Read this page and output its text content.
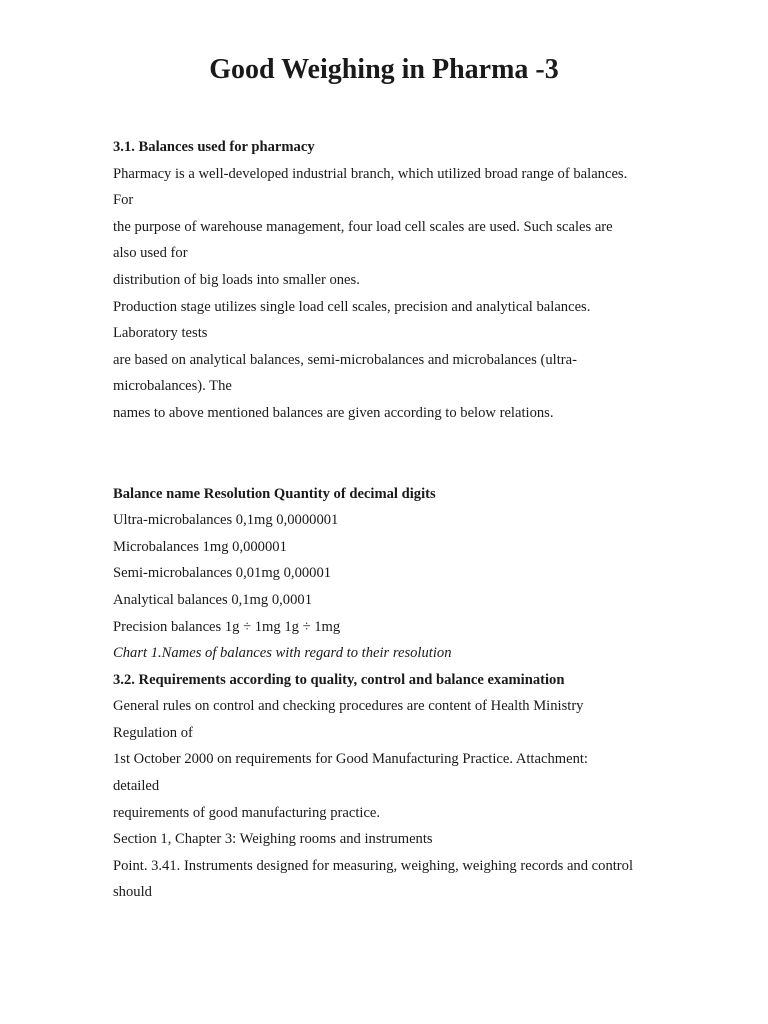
Good Weighing in Pharma -3

3.1. Balances used for pharmacy

Pharmacy is a well-developed industrial branch, which utilized broad range of balances.

For

the purpose of warehouse management, four load cell scales are used. Such scales are

also used for

distribution of big loads into smaller ones.

Production stage utilizes single load cell scales, precision and analytical balances.

Laboratory tests

are based on analytical balances, semi-microbalances and microbalances (ultra-

microbalances). The

names to above mentioned balances are given according to below relations.

Balance name Resolution Quantity of decimal digits

Ultra-microbalances 0,1mg 0,0000001

Microbalances 1mg 0,000001

Semi-microbalances 0,01mg 0,00001

Analytical balances 0,1mg 0,0001

Precision balances 1g ÷ 1mg 1g ÷ 1mg

Chart 1.Names of balances with regard to their resolution

3.2. Requirements according to quality, control and balance examination

General rules on control and checking procedures are content of Health Ministry

Regulation of

1st October 2000 on requirements for Good Manufacturing Practice. Attachment:

detailed

requirements of good manufacturing practice.

Section 1, Chapter 3: Weighing rooms and instruments

Point. 3.41. Instruments designed for measuring, weighing, weighing records and control

should
